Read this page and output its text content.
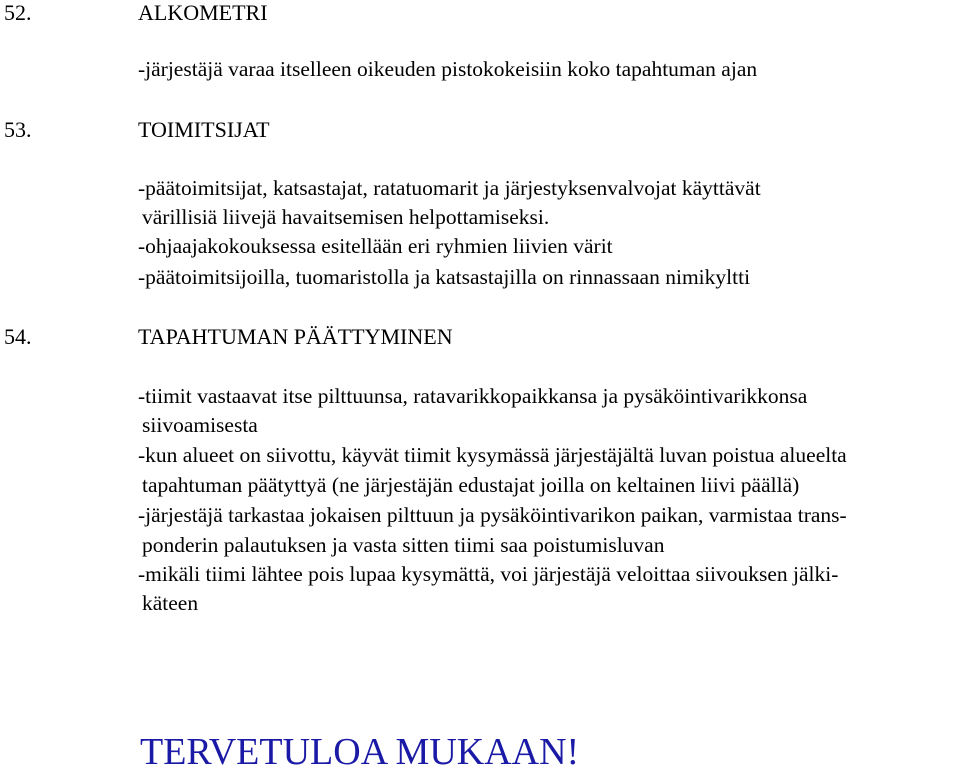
52.	ALKOMETRI
-järjestäjä varaa itselleen oikeuden pistokokeisiin koko tapahtuman ajan
53.	TOIMITSIJAT
-päätoimitsijat, katsastajat, ratatuomarit ja järjestyksenvalvojat käyttävät
värillisiä liivejä havaitsemisen helpottamiseksi.
-ohjaajakokouksessa esitellään eri ryhmien liivien värit
-päätoimitsijoilla, tuomaristolla ja katsastajilla on rinnassaan nimikyltti
54.	TAPAHTUMAN PÄÄTTYMINEN
-tiimit vastaavat itse pilttuunsa, ratavarikkopaikkansa ja pysäköintivarikkonsa
siivoamisesta
-kun alueet on siivottu, käyvät tiimit kysymässä järjestäjältä luvan poistua alueelta
tapahtuman päätyttyä (ne järjestäjän edustajat joilla on keltainen liivi päällä)
-järjestäjä tarkastaa jokaisen pilttuun ja pysäköintivarikon paikan, varmistaa trans-
ponderin palautuksen ja vasta sitten tiimi saa poistumisluvan
-mikäli tiimi lähtee pois lupaa kysymättä, voi järjestäjä veloittaa siivouksen jälki-
käteen
TERVETULOA MUKAAN!
